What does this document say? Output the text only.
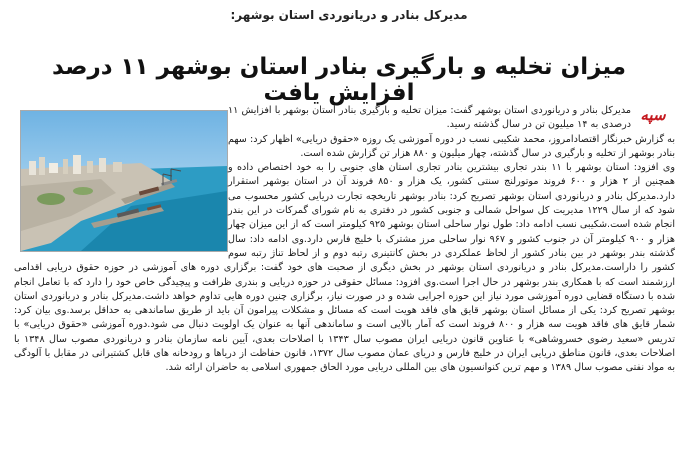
مدیرکل بنادر و دریانوردی استان بوشهر:
میزان تخلیه و بارگیری بنادر استان بوشهر ۱۱ درصد افزایش یافت
سپه

مدیرکل بنادر و دریانوردی استان بوشهر گفت: میزان تخلیه و بارگیری بنادر استان بوشهر با افزایش ۱۱ درصدی به ۱۴ میلیون تن در سال گذشته رسید.

به گزارش خبرنگار اقتصادامروز، محمد شکیبی نسب در دوره آموزشی یک روزه «حقوق دریایی» اظهار کرد: سهم بنادر بوشهر از تخلیه و بارگیری در سال گذشته، چهار میلیون و ۸۸۰ هزار تن گزارش شده است.

وی افزود: استان بوشهر با ۱۱ بندر تجاری بیشترین بنادر تجاری استان های جنوبی را به خود اختصاص داده و همچنین از ۲ هزار و ۶۰۰ فروند موتورلنج سنتی کشور، یک هزار و ۸۵۰ فروند آن در استان بوشهر استقرار دارد.مدیرکل بنادر و دریانوردی استان بوشهر تصریح کرد: بنادر بوشهر تاریخچه تجارت دریایی کشور محسوب می شود که از سال ۱۲۲۹ مدیریت کل سواحل شمالی و جنوبی کشور در دفتری به نام شورای گمرکات در این بندر انجام شده است.شکیبی نسب ادامه داد: طول نوار ساحلی استان بوشهر ۹۲۵ کیلومتر است که از این میزان چهار هزار و ۹۰۰ کیلومتر آن در جنوب کشور و ۹۶۷ نوار ساحلی مرز مشترک با خلیج فارس دارد.وی ادامه داد: سال گذشته بندر بوشهر در بین بنادر کشور از لحاظ عملکردی در بخش کانتینری رتبه دوم و از لحاظ تناژ رتبه سوم کشور را داراست.مدیرکل بنادر و دریانوردی استان بوشهر در بخش دیگری از صحبت های خود گفت: برگزاری دوره های آموزشی در حوزه حقوق دریایی اقدامی ارزشمند است که با همکاری بندر بوشهر در حال اجرا است.وی افزود: مسائل حقوقی در حوزه دریایی و بندری ظرافت و پیچیدگی خاص خود را دارد که با تعامل انجام شده با دستگاه قضایی دوره آموزشی مورد نیاز این حوزه اجرایی شده و در صورت نیاز، برگزاری چنین دوره هایی تداوم خواهد داشت.مدیرکل بنادر و دریانوردی استان بوشهر تصریح کرد: یکی از مسائل استان بوشهر قایق های فاقد هویت است که مسائل و مشکلات پیرامون آن باید از طریق ساماندهی به حداقل برسد.وی بیان کرد: شمار قایق های فاقد هویت سه هزار و ۸۰۰ فروند است که آمار بالایی است و ساماندهی آنها به عنوان یک اولویت دنبال می شود.دوره آموزشی «حقوق دریایی» با تدریس «سعید رضوی خسروشاهی» با عناوین قانون دریایی ایران مصوب سال ۱۳۴۳ با اصلاحات بعدی، آیین نامه سازمان بنادر و دریانوردی مصوب سال ۱۳۴۸ با اصلاحات بعدی، قانون مناطق دریایی ایران در خلیج فارس و دریای عمان مصوب سال ۱۳۷۲، قانون حفاظت از دریاها و رودخانه های قابل کشتیرانی در مقابل با آلودگی به مواد نفتی مصوب سال ۱۳۸۹ و مهم ترین کنوانسیون های بین المللی دریایی مورد الحاق جمهوری اسلامی به حاضران ارائه شد.
